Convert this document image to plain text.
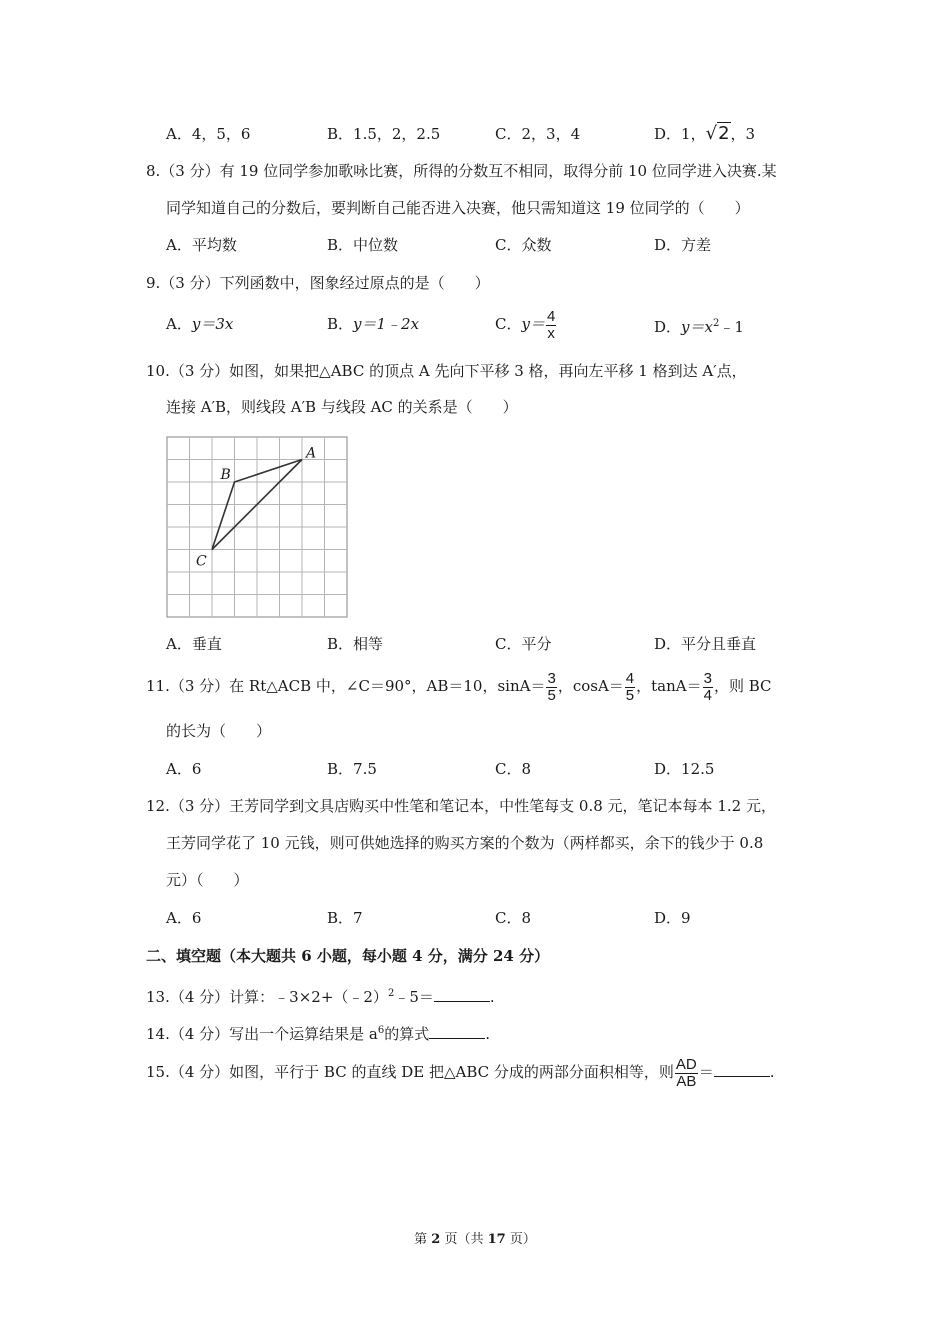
A．4，5，6	B．1.5，2，2.5	C．2，3，4	D．1，√2，3
8.（3 分）有 19 位同学参加歌咏比赛，所得的分数互不相同，取得分前 10 位同学进入决赛.某
同学知道自己的分数后，要判断自己能否进入决赛，他只需知道这 19 位同学的（　　）
A．平均数	B．中位数	C．众数	D．方差
9.（3 分）下列函数中，图象经过原点的是（　　）
A．y＝3x	B．y＝1﹣2x	C．$y= \frac{4}{x}$	D．$y=x^2﹣1$
10.（3 分）如图，如果把△ABC 的顶点 A 先向下平移 3 格，再向左平移 1 格到达 A′点，
连接 A′B，则线段 A′B 与线段 AC 的关系是（　　）
A
B
C
A．垂直	B．相等	C．平分	D．平分且垂直
11.（3 分）在 Rt△ACB 中，∠C＝90°，AB＝10，$\sin A= \frac{3}{5}$ ，$\cos A= \frac{4}{5}$ ，$\tan A= \frac{3}{4}$ ，则 BC
的长为（　　）
A．6	B．7.5	C．8	D．12.5
12.（3 分）王芳同学到文具店购买中性笔和笔记本，中性笔每支 0.8 元，笔记本每本 1.2 元，
王芳同学花了 10 元钱，则可供她选择的购买方案的个数为（两样都买，余下的钱少于 0.8
元）（　　）
A．6	B．7	C．8	D．9
二、填空题（本大题共 6 小题，每小题 4 分，满分 24 分）
13.（4 分）计算：﹣3×2+（﹣2）$^2$﹣5＝	.
14.（4 分）写出一个运算结果是 $a^6$的算式	.
15.（4 分）如图，平行于 BC 的直线 DE 把△ABC 分成的两部分面积相等，则 $\frac{AD}{AB}$ ＝	.
第 2 页（共 17 页）
